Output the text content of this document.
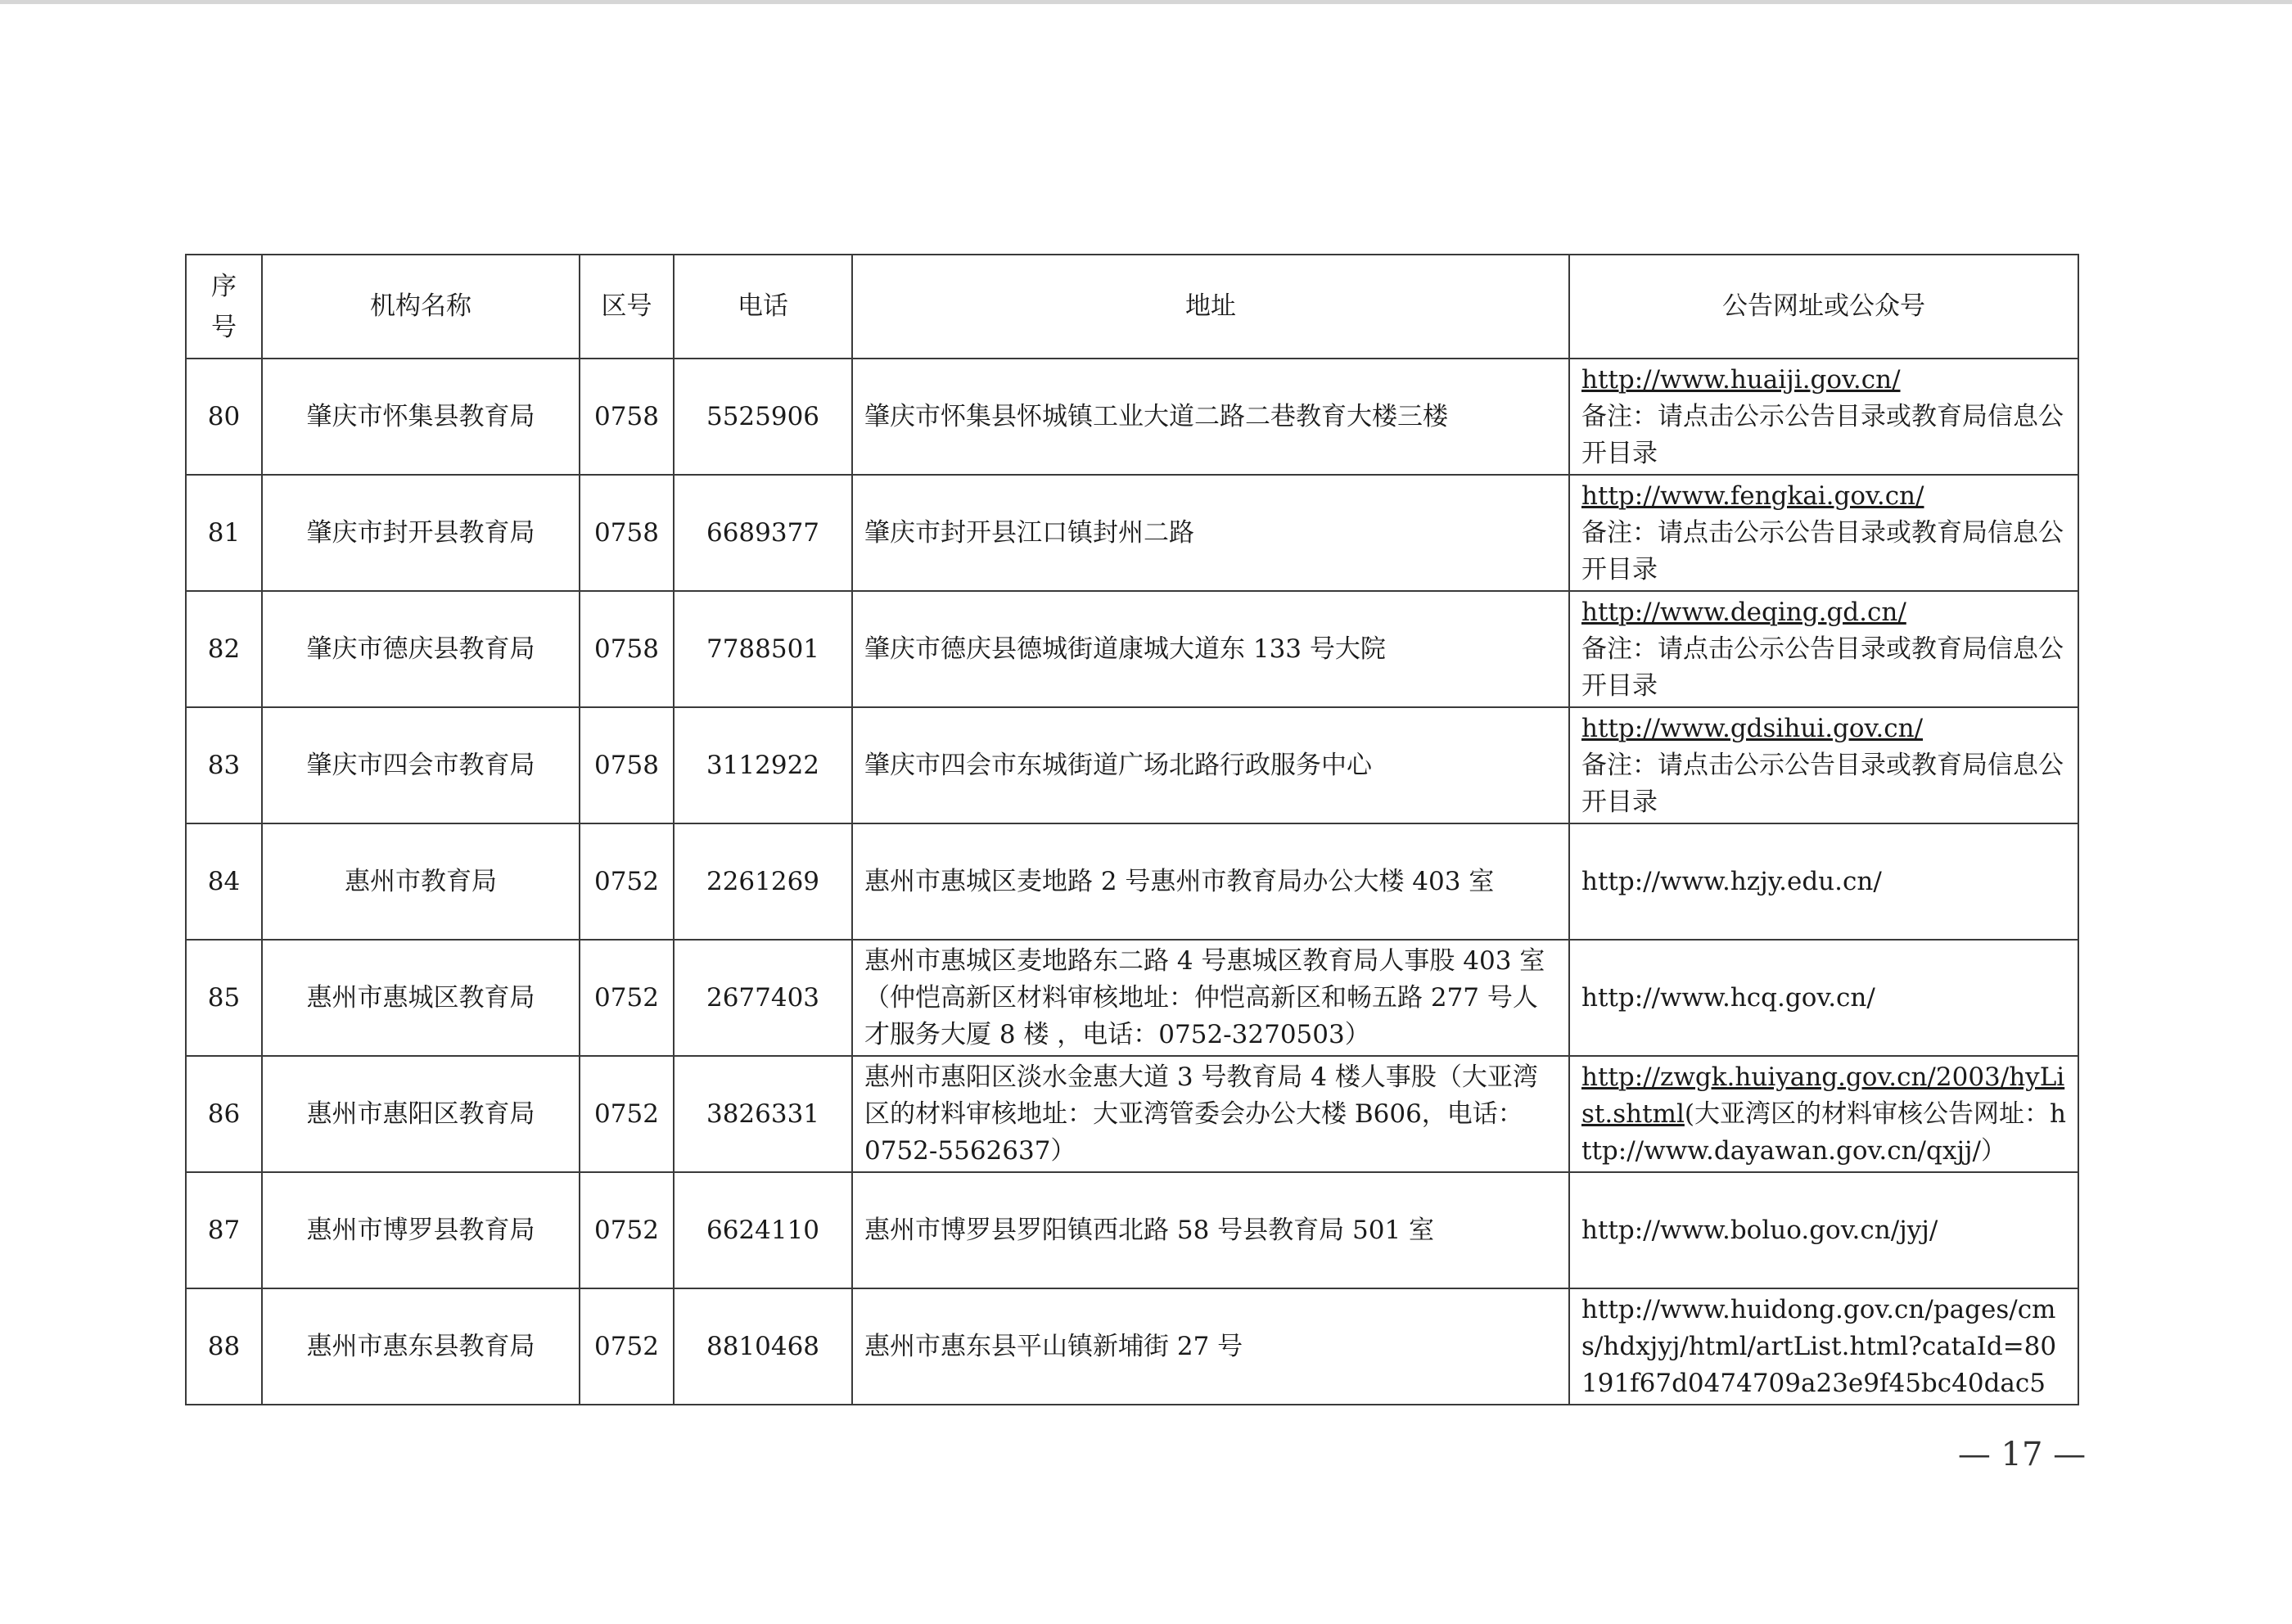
序
号	机构名称	区号	电话	地址	公告网址或公众号
80	肇庆市怀集县教育局	0758	5525906	肇庆市怀集县怀城镇工业大道二路二巷教育大楼三楼	http://www.huaiji.gov.cn/
备注：请点击公示公告目录或教育局信息公开目录

81	肇庆市封开县教育局	0758	6689377	肇庆市封开县江口镇封州二路	http://www.fengkai.gov.cn/
备注：请点击公示公告目录或教育局信息公开目录

82	肇庆市德庆县教育局	0758	7788501	肇庆市德庆县德城街道康城大道东 133 号大院	http://www.deqing.gd.cn/
备注：请点击公示公告目录或教育局信息公开目录

83	肇庆市四会市教育局	0758	3112922	肇庆市四会市东城街道广场北路行政服务中心	http://www.gdsihui.gov.cn/
备注：请点击公示公告目录或教育局信息公开目录

84	惠州市教育局	0752	2261269	惠州市惠城区麦地路 2 号惠州市教育局办公大楼 403 室	http://www.hzjy.edu.cn/

85	惠州市惠城区教育局	0752	2677403	惠州市惠城区麦地路东二路 4 号惠城区教育局人事股 403 室（仲恺高新区材料审核地址：仲恺高新区和畅五路 277 号人才服务大厦 8 楼 ，电话：0752-3270503）	http://www.hcq.gov.cn/

86	惠州市惠阳区教育局	0752	3826331	惠州市惠阳区淡水金惠大道 3 号教育局 4 楼人事股（大亚湾区的材料审核地址：大亚湾管委会办公大楼 B606，电话：0752-5562637）	http://zwgk.huiyang.gov.cn/2003/hyList.shtml(大亚湾区的材料审核公告网址：http://www.dayawan.gov.cn/qxjj/）
87	惠州市博罗县教育局	0752	6624110	惠州市博罗县罗阳镇西北路 58 号县教育局 501 室	http://www.boluo.gov.cn/jyj/

88	惠州市惠东县教育局	0752	8810468	惠州市惠东县平山镇新埔街 27 号	http://www.huidong.gov.cn/pages/cms/hdxjyj/html/artList.html?cataId=80191f67d0474709a23e9f45bc40dac5
— 17 —
